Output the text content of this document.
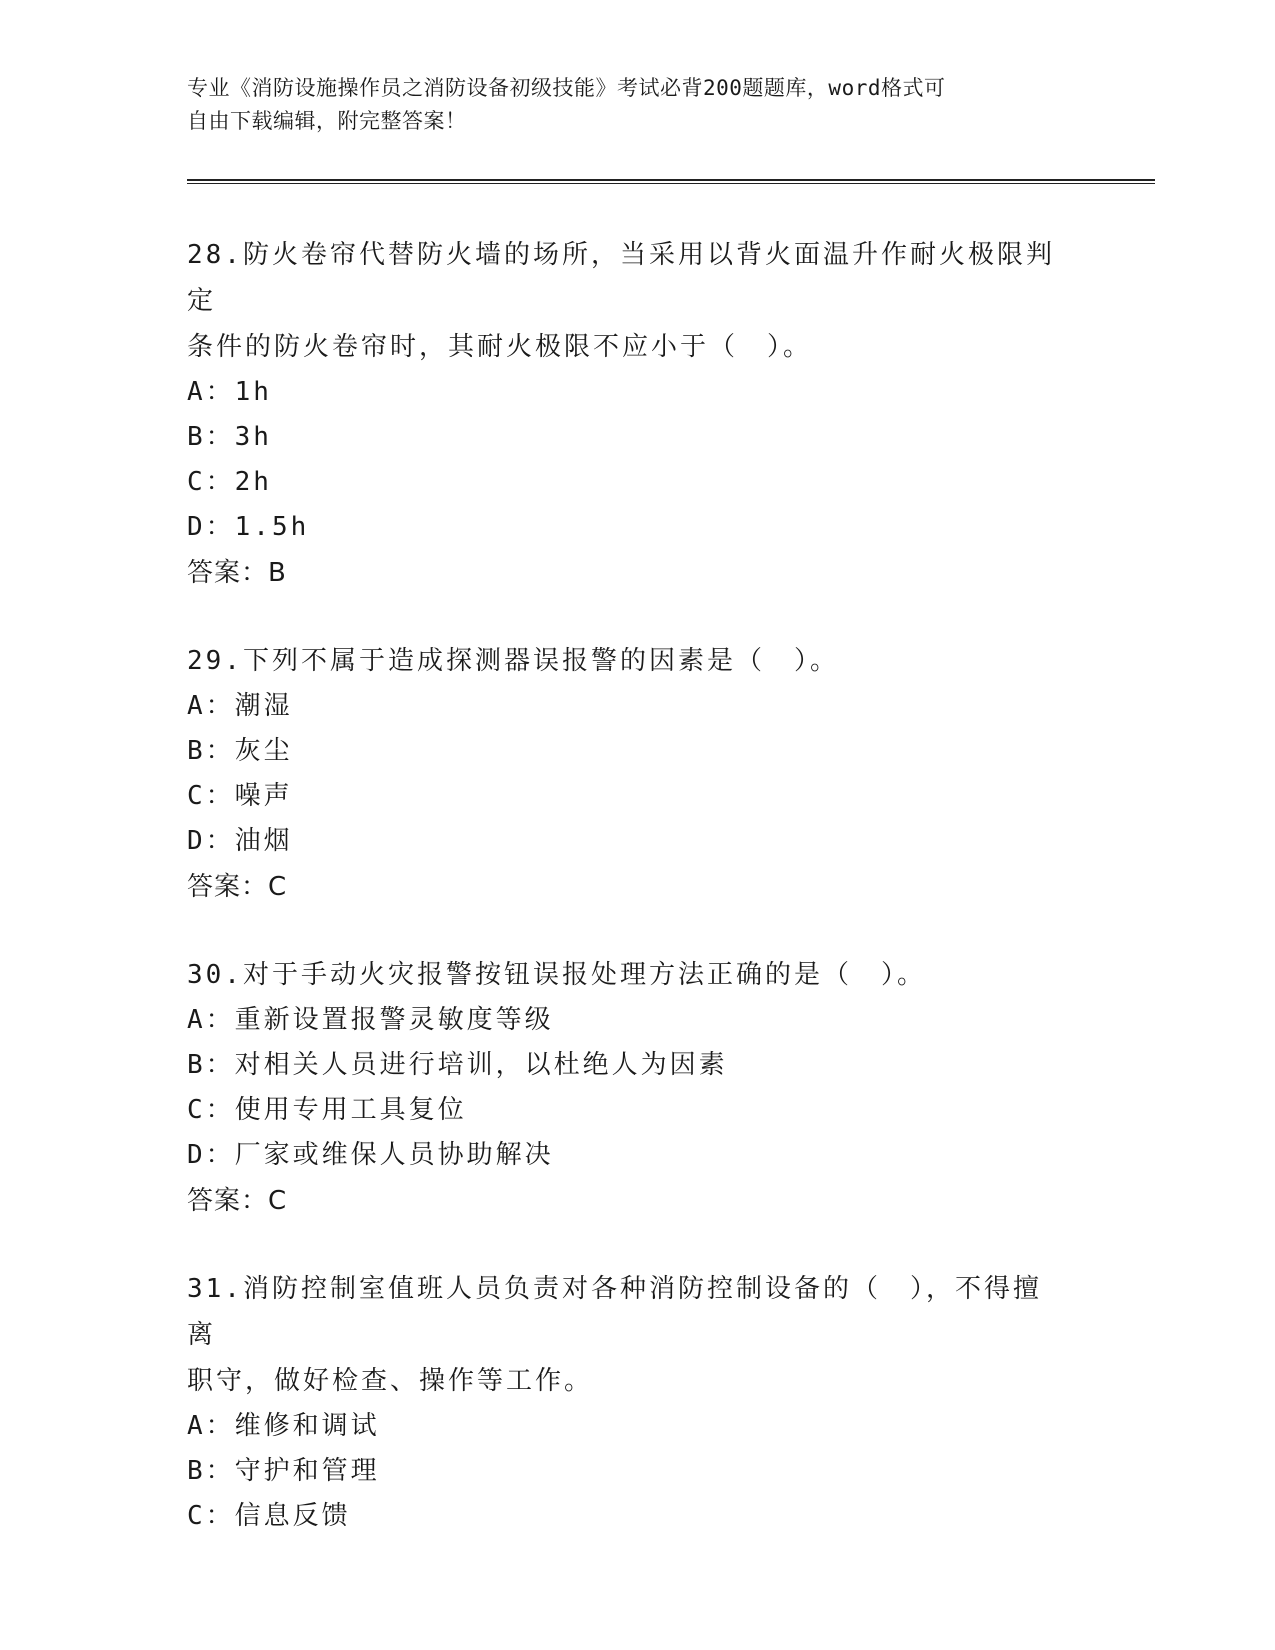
专业《消防设施操作员之消防设备初级技能》考试必背200题题库，word格式可
自由下载编辑，附完整答案！
28.防火卷帘代替防火墙的场所，当采用以背火面温升作耐火极限判定
条件的防火卷帘时，其耐火极限不应小于（　）。
A：1h
B：3h
C：2h
D：1.5h
答案：B
29.下列不属于造成探测器误报警的因素是（　）。
A：潮湿
B：灰尘
C：噪声
D：油烟
答案：C
30.对于手动火灾报警按钮误报处理方法正确的是（　）。
A：重新设置报警灵敏度等级
B：对相关人员进行培训，以杜绝人为因素
C：使用专用工具复位
D：厂家或维保人员协助解决
答案：C
31.消防控制室值班人员负责对各种消防控制设备的（　），不得擅离
职守，做好检查、操作等工作。
A：维修和调试
B：守护和管理
C：信息反馈
